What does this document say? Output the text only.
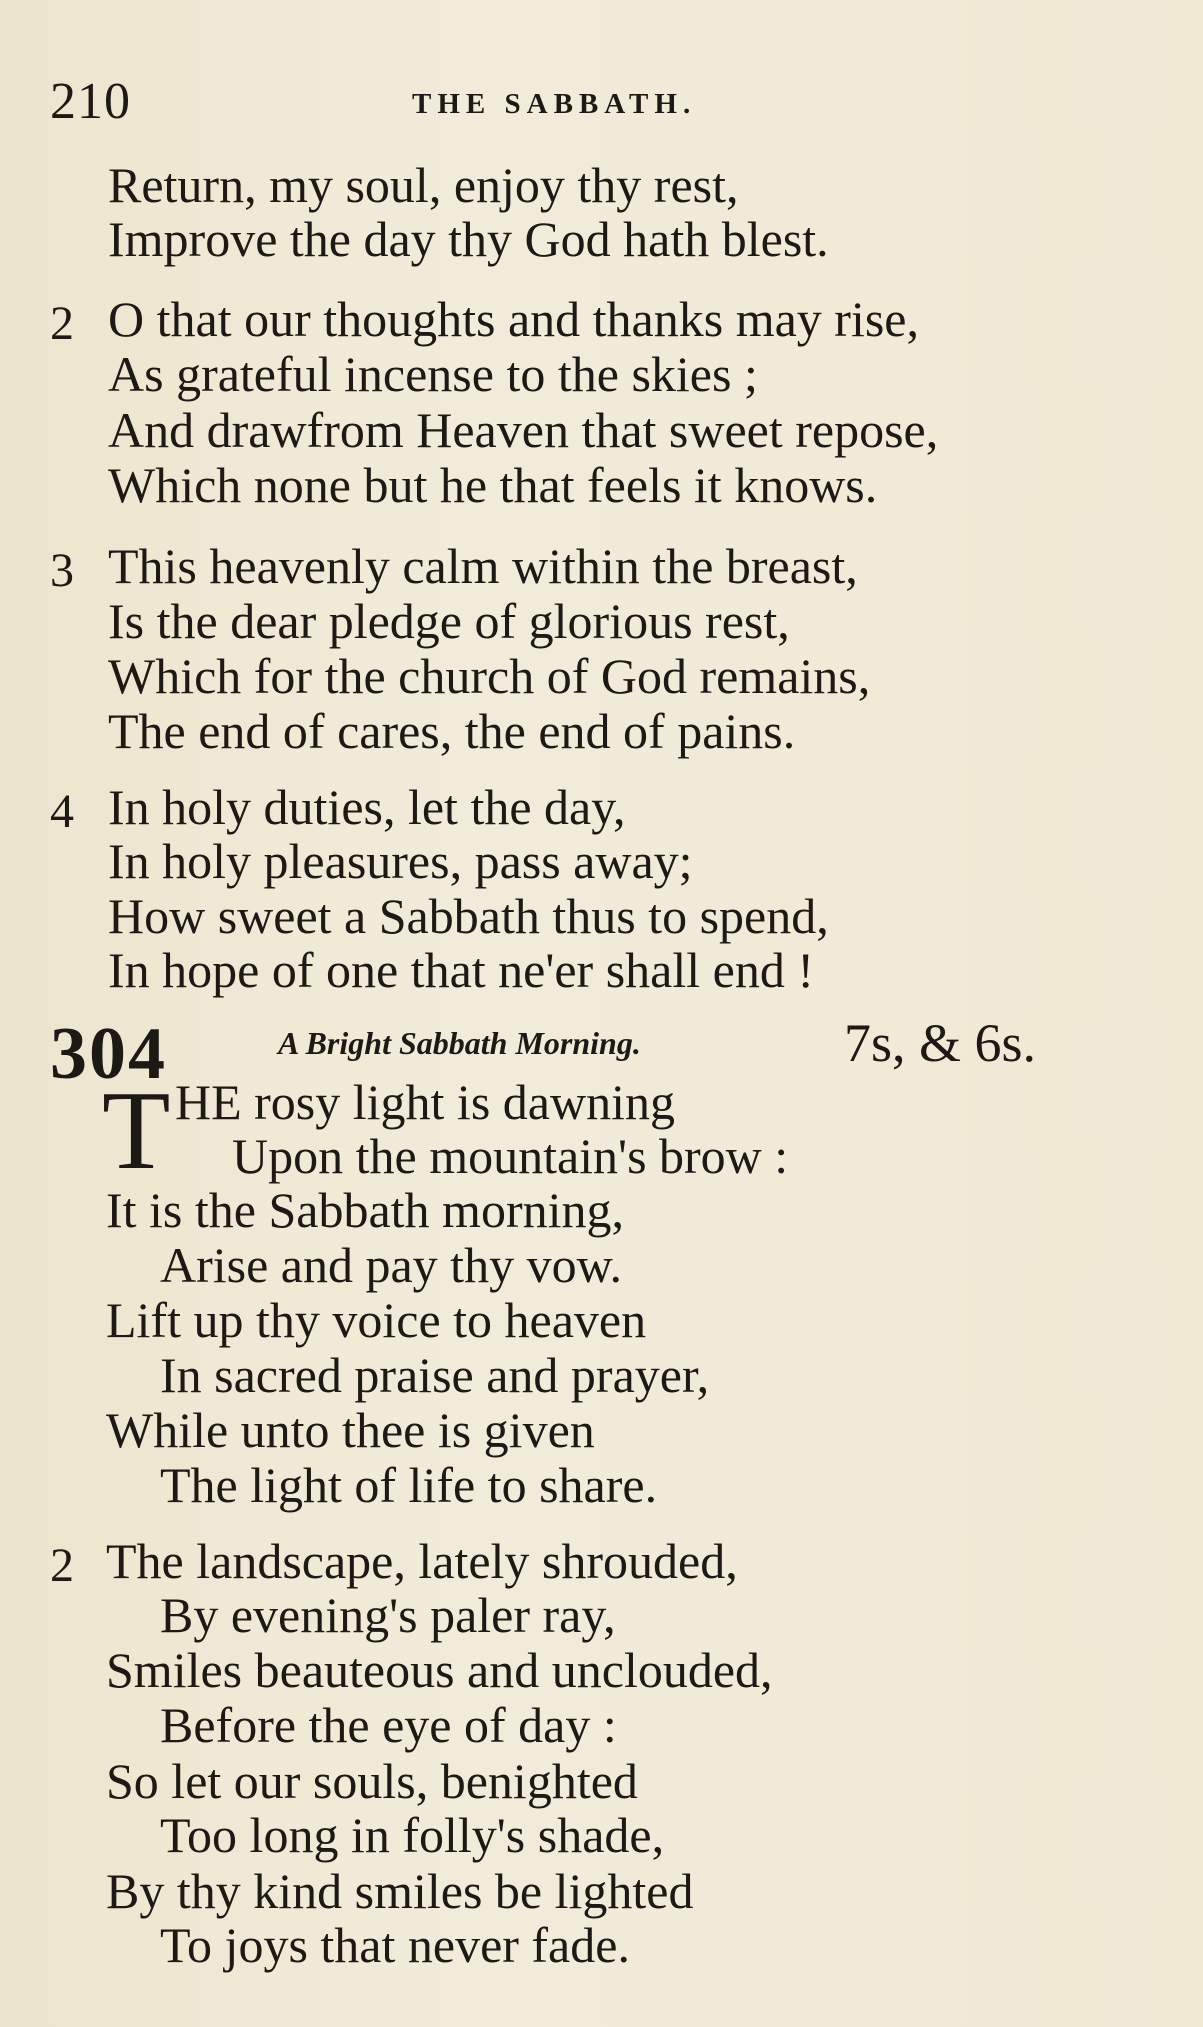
210	THE SABBATH.
Return, my soul, enjoy thy rest,
Improve the day thy God hath blest.
2 O that our thoughts and thanks may rise,
As grateful incense to the skies ;
And drawfrom Heaven that sweet repose,
Which none but he that feels it knows.
3 This heavenly calm within the breast,
Is the dear pledge of glorious rest,
Which for the church of God remains,
The end of cares, the end of pains.
4 In holy duties, let the day,
In holy pleasures, pass away;
How sweet a Sabbath thus to spend,
In hope of one that ne'er shall end !
304	A Bright Sabbath Morning.	7s, & 6s.
T HE rosy light is dawning
Upon the mountain's brow :
It is the Sabbath morning,
Arise and pay thy vow.
Lift up thy voice to heaven
In sacred praise and prayer,
While unto thee is given
The light of life to share.
2 The landscape, lately shrouded,
By evening's paler ray,
Smiles beauteous and unclouded,
Before the eye of day :
So let our souls, benighted
Too long in folly's shade,
By thy kind smiles be lighted
To joys that never fade.
